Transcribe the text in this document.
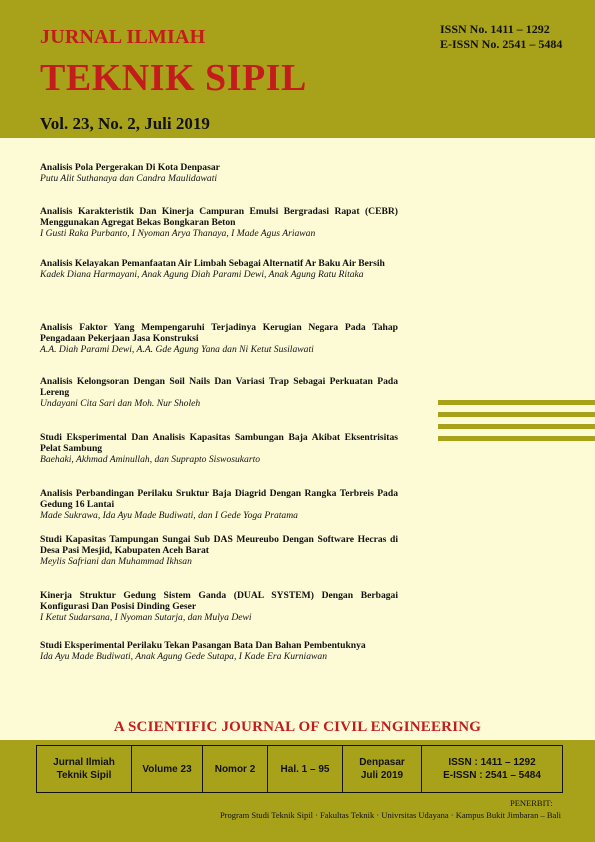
JURNAL ILMIAH
TEKNIK SIPIL
ISSN No. 1411 – 1292
E-ISSN No. 2541 – 5484
Vol. 23, No. 2, Juli 2019
Analisis Pola Pergerakan Di Kota Denpasar
Putu Alit Suthanaya dan Candra Maulidawati
Analisis Karakteristik Dan Kinerja Campuran Emulsi Bergradasi Rapat (CEBR) Menggunakan Agregat Bekas Bongkaran Beton
I Gusti Raka Purbanto, I Nyoman Arya Thanaya, I Made Agus Ariawan
Analisis Kelayakan Pemanfaatan Air Limbah Sebagai Alternatif Ar Baku Air Bersih
Kadek Diana Harmayani, Anak Agung Diah Parami Dewi, Anak Agung Ratu Ritaka
Analisis Faktor Yang Mempengaruhi Terjadinya Kerugian Negara Pada Tahap Pengadaan Pekerjaan Jasa Konstruksi
A.A. Diah Parami Dewi, A.A. Gde Agung Yana dan Ni Ketut Susilawati
Analisis Kelongsoran Dengan Soil Nails Dan Variasi Trap Sebagai Perkuatan Pada Lereng
Undayani Cita Sari dan Moh. Nur Sholeh
Studi Eksperimental Dan Analisis Kapasitas Sambungan Baja Akibat Eksentrisitas Pelat Sambung
Baehaki, Akhmad Aminullah, dan Suprapto Siswosukarto
Analisis Perbandingan Perilaku Sruktur Baja Diagrid Dengan Rangka Terbreis Pada Gedung 16 Lantai
Made Sukrawa, Ida Ayu Made Budiwati, dan I Gede Yoga Pratama
Studi Kapasitas Tampungan Sungai Sub DAS Meureubo Dengan Software Hecras di Desa Pasi Mesjid, Kabupaten Aceh Barat
Meylis Safriani dan Muhammad Ikhsan
Kinerja Struktur Gedung Sistem Ganda (DUAL SYSTEM) Dengan Berbagai Konfigurasi Dan Posisi Dinding Geser
I Ketut Sudarsana, I Nyoman Sutarja, dan Mulya Dewi
Studi Eksperimental Perilaku Tekan Pasangan Bata Dan Bahan Pembentuknya
Ida Ayu Made Budiwati, Anak Agung Gede Sutapa, I Kade Era Kurniawan
A SCIENTIFIC JOURNAL OF CIVIL ENGINEERING
Jurnal Ilmiah
Teknik Sipil
Volume 23 Nomor 2	Hal. 1 – 95
Denpasar
Juli 2019
ISSN : 1411 – 1292
E-ISSN : 2541 – 5484
PENERBIT:
Program Studi Teknik Sipil · Fakultas Teknik · Univrsitas Udayana · Kampus Bukit Jimbaran – Bali
